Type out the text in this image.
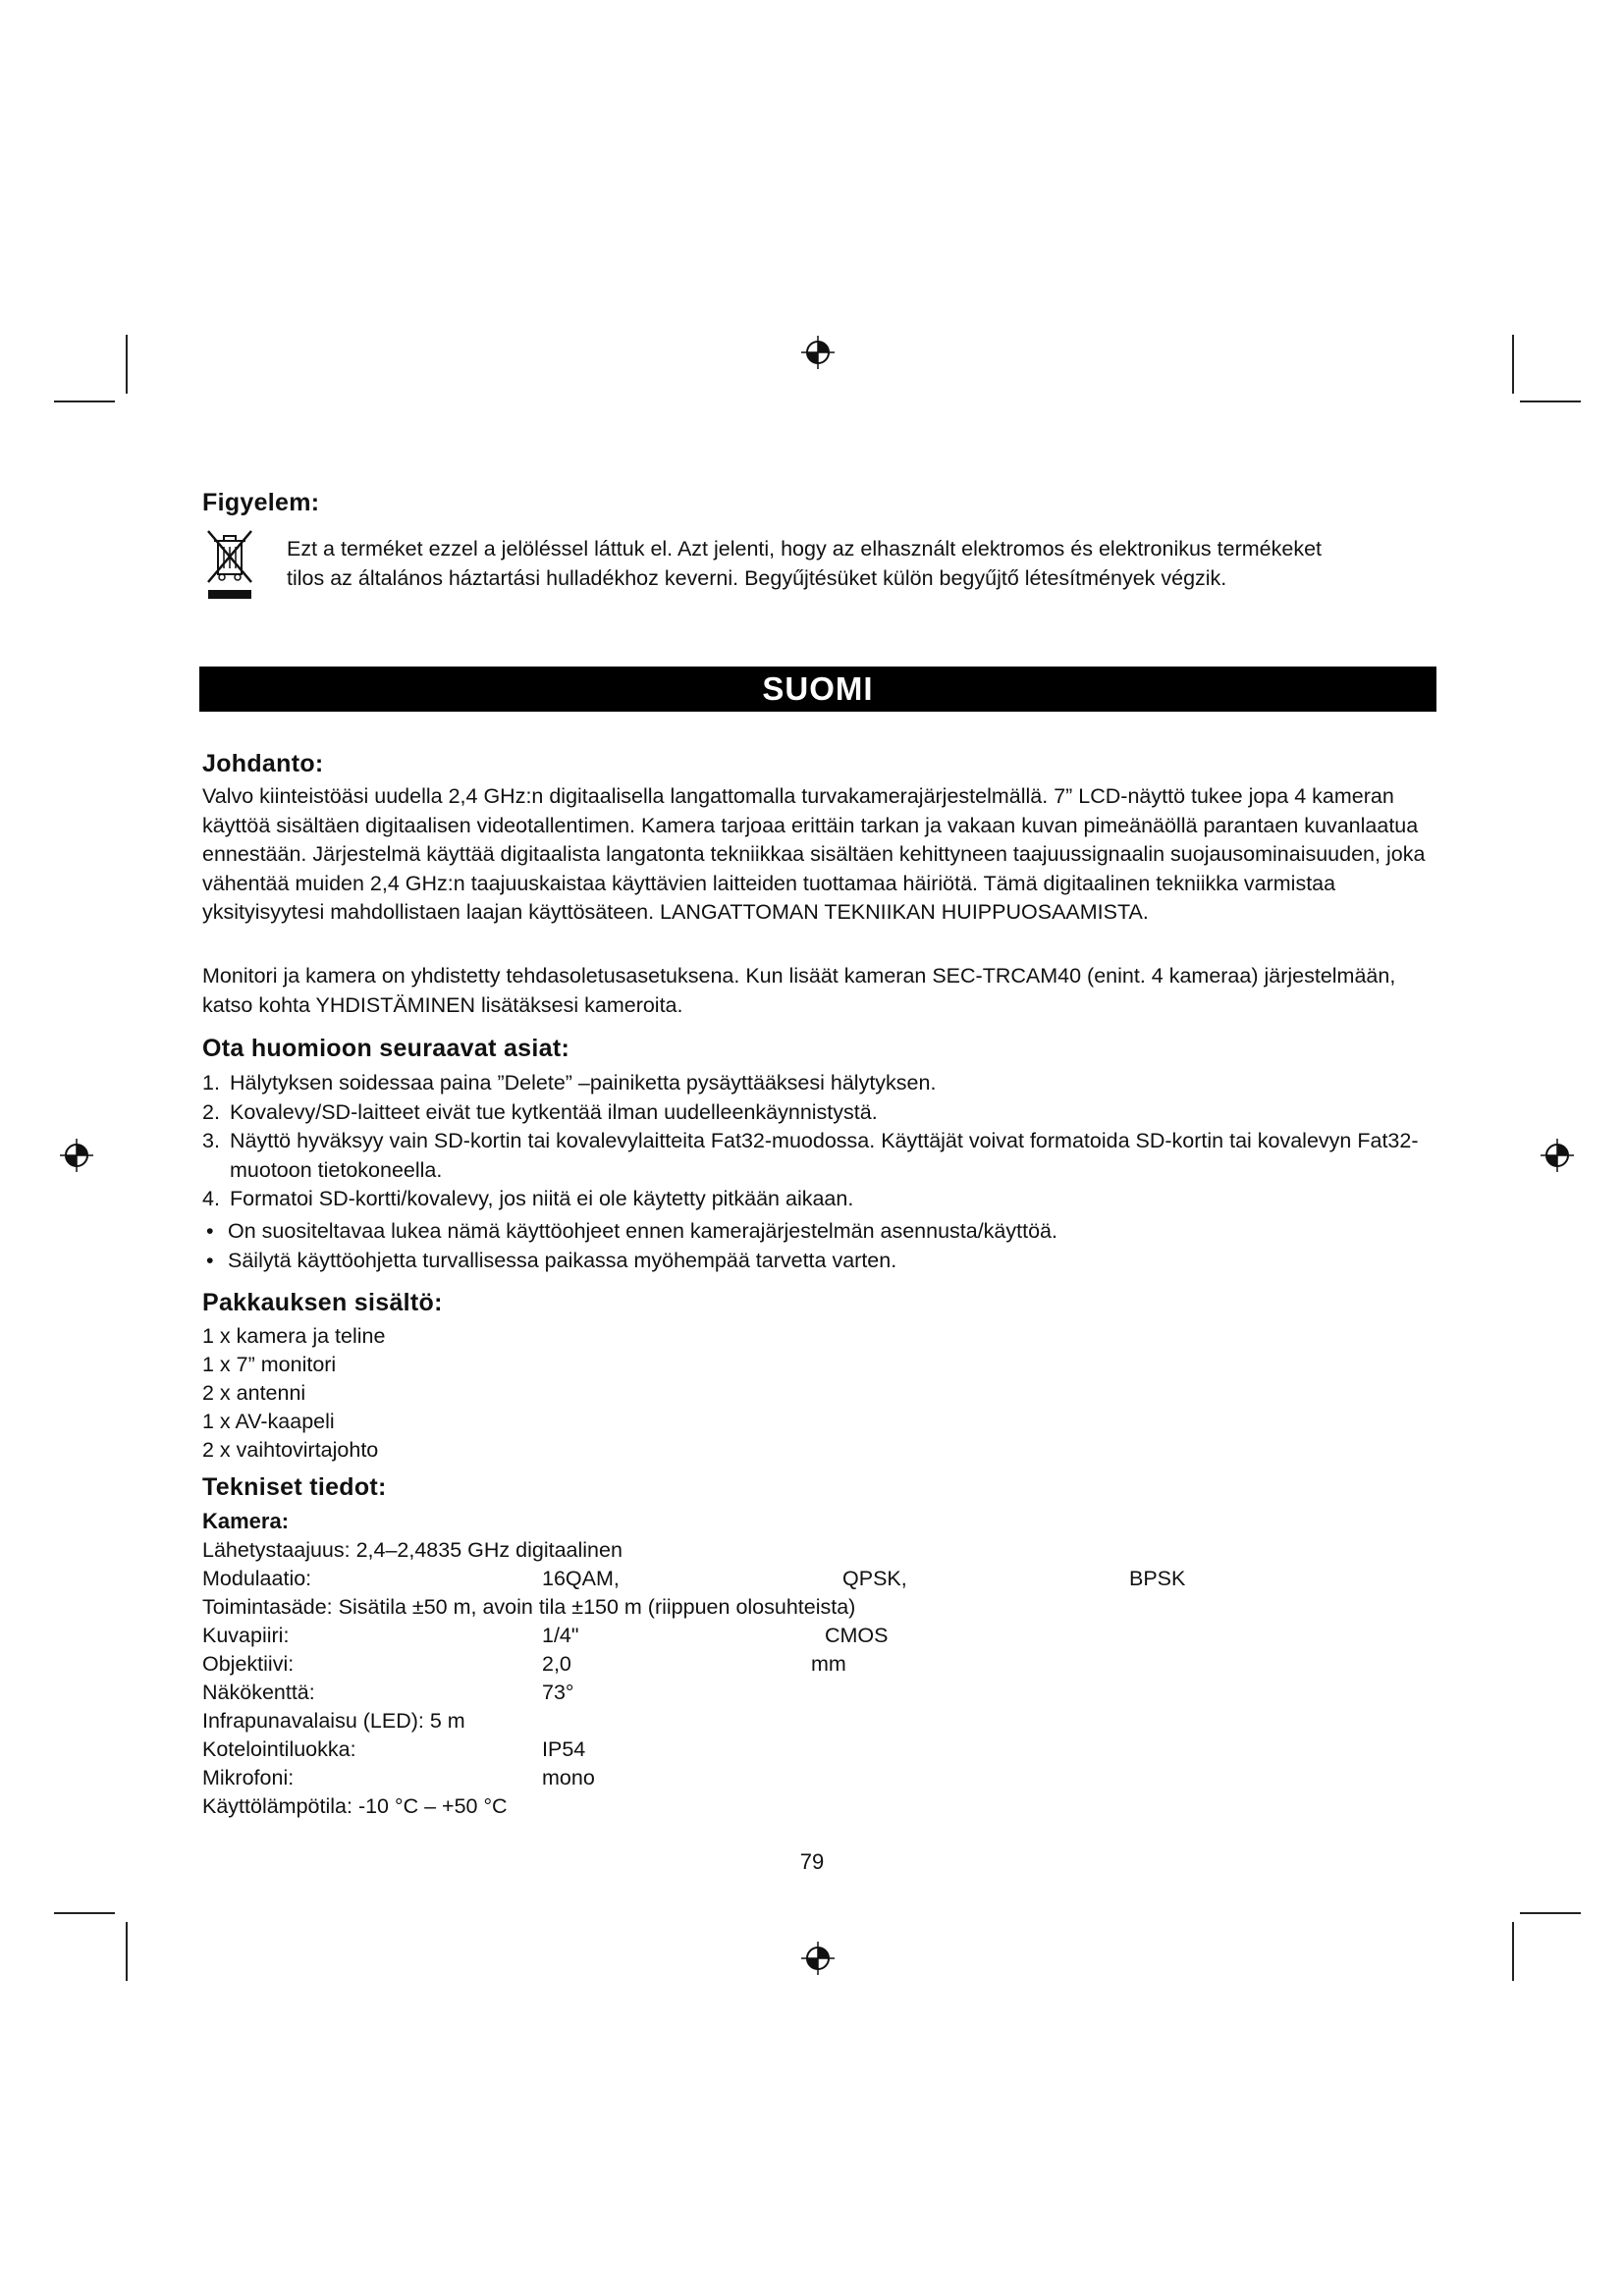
Figyelem:
Ezt a terméket ezzel a jelöléssel láttuk el. Azt jelenti, hogy az elhasznált elektromos és elektronikus termékeket
tilos az általános háztartási hulladékhoz keverni. Begyűjtésüket külön begyűjtő létesítmények végzik.
SUOMI
Johdanto:

Valvo kiinteistöäsi uudella 2,4 GHz:n digitaalisella langattomalla turvakamerajärjestelmällä. 7” LCD-näyttö tukee jopa 4 kameran käyttöä sisältäen digitaalisen videotallentimen. Kamera tarjoaa erittäin tarkan ja vakaan kuvan pimeänäöllä parantaen kuvanlaatua ennestään. Järjestelmä käyttää digitaalista langatonta tekniikkaa sisältäen kehittyneen taajuussignaalin suojausominaisuuden, joka vähentää muiden 2,4 GHz:n taajuuskaistaa käyttävien laitteiden tuottamaa häiriötä. Tämä digitaalinen tekniikka varmistaa yksityisyytesi mahdollistaen laajan käyttösäteen. LANGATTOMAN TEKNIIKAN HUIPPUOSAAMISTA.

Monitori ja kamera on yhdistetty tehdasoletusasetuksena. Kun lisäät kameran SEC-TRCAM40 (enint. 4 kameraa) järjestelmään, katso kohta YHDISTÄMINEN lisätäksesi kameroita.

Ota huomioon seuraavat asiat:
1. Hälytyksen soidessaa paina ”Delete” –painiketta pysäyttääksesi hälytyksen.
2. Kovalevy/SD-laitteet eivät tue kytkentää ilman uudelleenkäynnistystä.
3. Näyttö hyväksyy vain SD-kortin tai kovalevylaitteita Fat32-muodossa. Käyttäjät voivat formatoida SD-kortin tai kovalevyn Fat32-muotoon tietokoneella.
4. Formatoi SD-kortti/kovalevy, jos niitä ei ole käytetty pitkään aikaan.
• On suositeltavaa lukea nämä käyttöohjeet ennen kamerajärjestelmän asennusta/käyttöä.
• Säilytä käyttöohjetta turvallisessa paikassa myöhempää tarvetta varten.
Pakkauksen sisältö:
1 x kamera ja teline
1 x 7” monitori
2 x antenni
1 x AV-kaapeli
2 x vaihtovirtajohto
Tekniset tiedot:
Kamera:
Lähetystaajuus: 2,4–2,4835 GHz digitaalinen
Modulaatio:	16QAM,	QPSK,	BPSK
Toimintasäde: Sisätila ±50 m, avoin tila ±150 m (riippuen olosuhteista)
Kuvapiiri:	1/4"	CMOS
Objektiivi:	2,0	mm
Näkökenttä:	73°
Infrapunavalaisu (LED): 5 m
Kotelointiluokka:	IP54
Mikrofoni:	mono
Käyttölämpötila: -10 °C – +50 °C
79
